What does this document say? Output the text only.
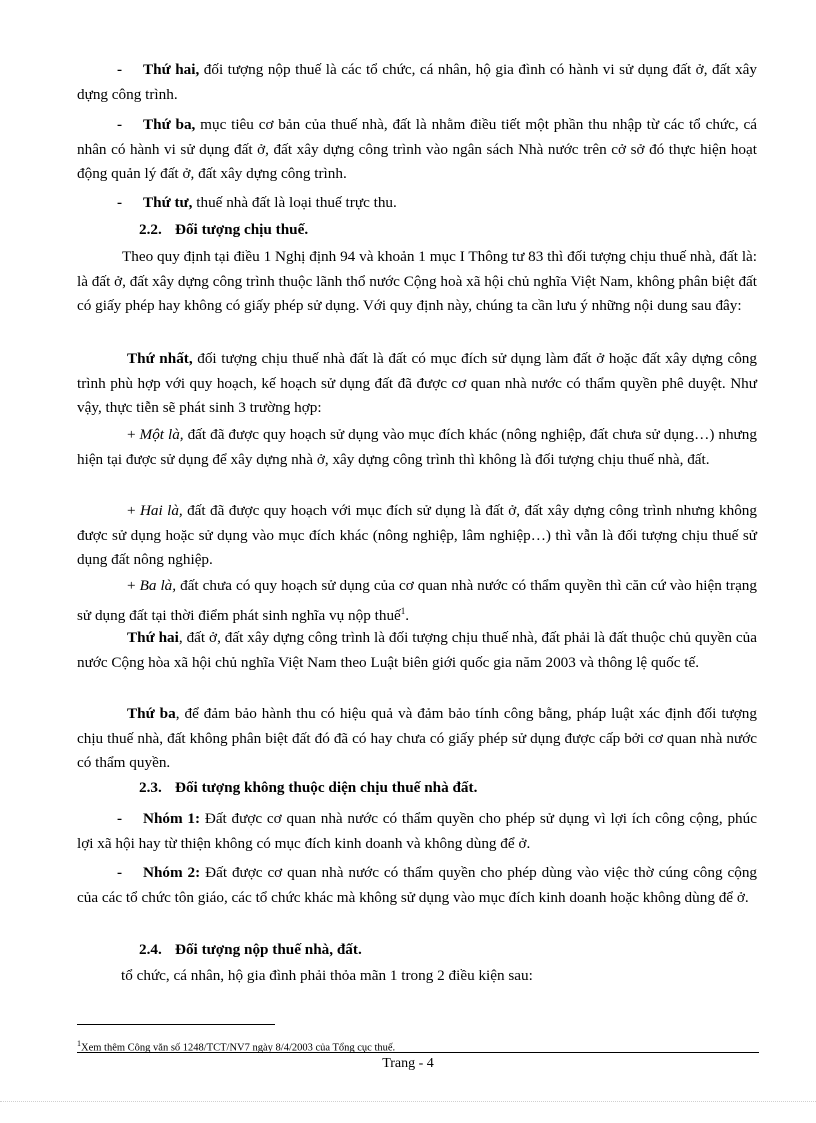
- Thứ hai, đối tượng nộp thuế là các tổ chức, cá nhân, hộ gia đình có hành vi sử dụng đất ở, đất xây dựng công trình.

- Thứ ba, mục tiêu cơ bản của thuế nhà, đất là nhằm điều tiết một phần thu nhập từ các tổ chức, cá nhân có hành vi sử dụng đất ở, đất xây dựng công trình vào ngân sách Nhà nước trên cở sở đó thực hiện hoạt động quản lý đất ở, đất xây dựng công trình.

- Thứ tư, thuế nhà đất là loại thuế trực thu.

2.2. Đối tượng chịu thuế.

Theo quy định tại điều 1 Nghị định 94 và khoản 1 mục I Thông tư 83 thì đối tượng chịu thuế nhà, đất là: là đất ở, đất xây dựng công trình thuộc lãnh thổ nước Cộng hoà xã hội chủ nghĩa Việt Nam, không phân biệt đất có giấy phép hay không có giấy phép sử dụng. Với quy định này, chúng ta cần lưu ý những nội dung sau đây:

Thứ nhất, đối tượng chịu thuế nhà đất là đất có mục đích sử dụng làm đất ở hoặc đất xây dựng công trình phù hợp với quy hoạch, kế hoạch sử dụng đất đã được cơ quan nhà nước có thẩm quyền phê duyệt. Như vậy, thực tiễn sẽ phát sinh 3 trường hợp:

+ Một là, đất đã được quy hoạch sử dụng vào mục đích khác (nông nghiệp, đất chưa sử dụng…) nhưng hiện tại được sử dụng để xây dựng nhà ở, xây dựng công trình thì không là đối tượng chịu thuế nhà, đất.

+ Hai là, đất đã được quy hoạch với mục đích sử dụng là đất ở, đất xây dựng công trình nhưng không được sử dụng hoặc sử dụng vào mục đích khác (nông nghiệp, lâm nghiệp…) thì vẫn là đối tượng chịu thuế sử dụng đất nông nghiệp.

+ Ba là, đất chưa có quy hoạch sử dụng của cơ quan nhà nước có thẩm quyền thì căn cứ vào hiện trạng sử dụng đất tại thời điểm phát sinh nghĩa vụ nộp thuế$^1$.

Thứ hai, đất ở, đất xây dựng công trình là đối tượng chịu thuế nhà, đất phải là đất thuộc chủ quyền của nước Cộng hòa xã hội chủ nghĩa Việt Nam theo Luật biên giới quốc gia năm 2003 và thông lệ quốc tế.

Thứ ba, để đảm bảo hành thu có hiệu quả và đảm bảo tính công bằng, pháp luật xác định đối tượng chịu thuế nhà, đất không phân biệt đất đó đã có hay chưa có giấy phép sử dụng được cấp bởi cơ quan nhà nước có thẩm quyền.

2.3. Đối tượng không thuộc diện chịu thuế nhà đất.

- Nhóm 1: Đất được cơ quan nhà nước có thẩm quyền cho phép sử dụng vì lợi ích công cộng, phúc lợi xã hội hay từ thiện không có mục đích kinh doanh và không dùng để ở.

- Nhóm 2: Đất được cơ quan nhà nước có thẩm quyền cho phép dùng vào việc thờ cúng công cộng của các tổ chức tôn giáo, các tổ chức khác mà không sử dụng vào mục đích kinh doanh hoặc không dùng để ở.

2.4. Đối tượng nộp thuế nhà, đất.

tổ chức, cá nhân, hộ gia đình phải thỏa mãn 1 trong 2 điều kiện sau:

$^1$Xem thêm Công văn số 1248/TCT/NV7 ngày 8/4/2003 của Tổng cục thuế.
Trang - 4
